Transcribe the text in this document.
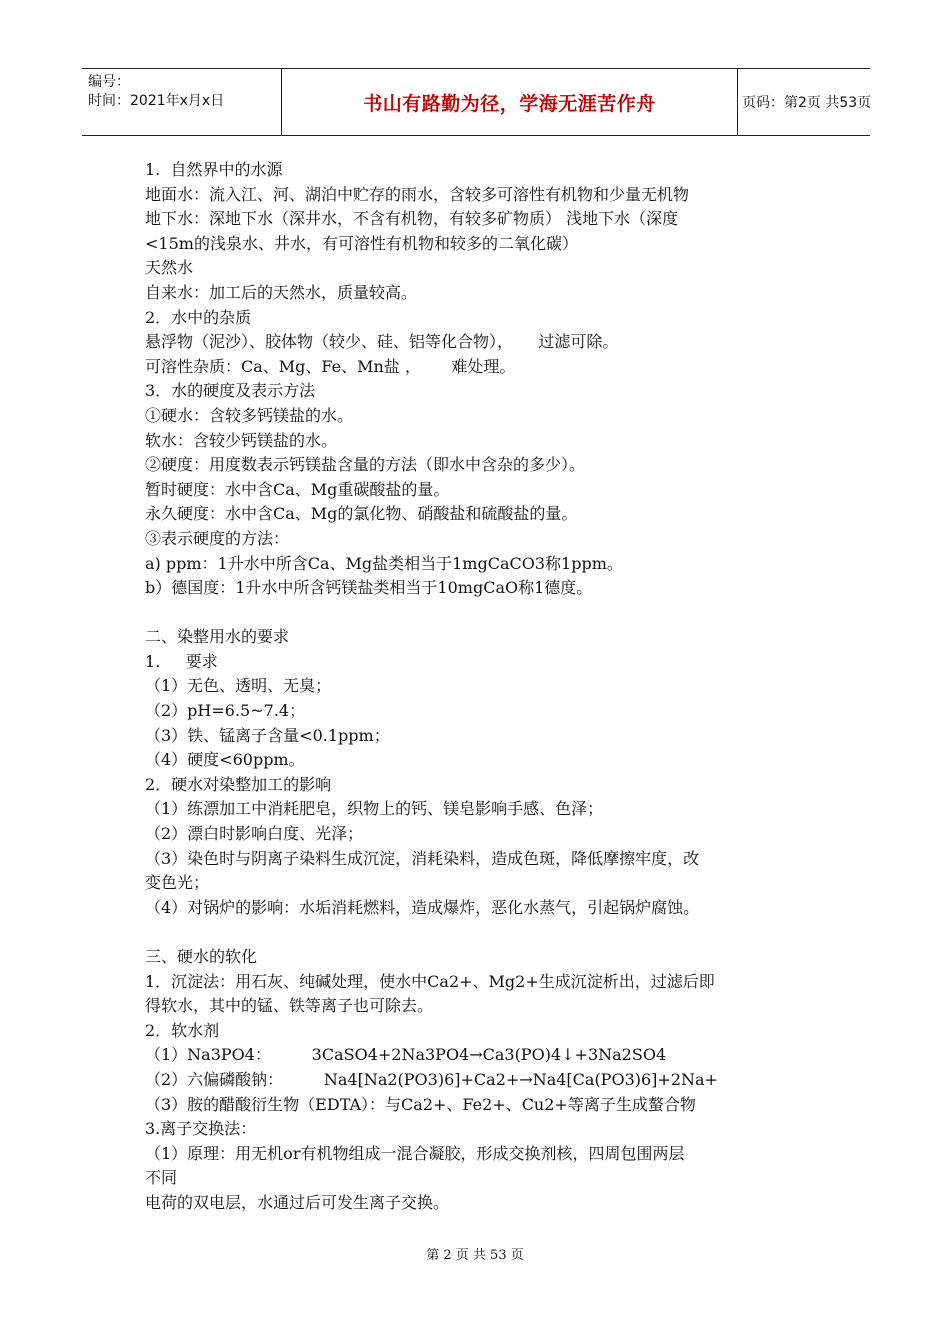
编号：
时间：2021年x月x日	书山有路勤为径，学海无涯苦作舟	页码：第2页 共53页
1.  自然界中的水源
地面水：流入江、河、湖泊中贮存的雨水，含较多可溶性有机物和少量无机物
地下水：深地下水（深井水，不含有机物，有较多矿物质） 浅地下水（深度
<15m的浅泉水、井水，有可溶性有机物和较多的二氧化碳）
天然水
自来水：加工后的天然水，质量较高。
2．水中的杂质
悬浮物（泥沙）、胶体物（较少、硅、铝等化合物），     过滤可除。
可溶性杂质：Ca、Mg、Fe、Mn盐 ，      难处理。
3．水的硬度及表示方法
①硬水：含较多钙镁盐的水。
软水：含较少钙镁盐的水。
②硬度：用度数表示钙镁盐含量的方法（即水中含杂的多少）。
暂时硬度：水中含Ca、Mg重碳酸盐的量。
永久硬度：水中含Ca、Mg的氯化物、硝酸盐和硫酸盐的量。
③表示硬度的方法：
a) ppm：1升水中所含Ca、Mg盐类相当于1mgCaCO3称1ppm。
b）德国度：1升水中所含钙镁盐类相当于10mgCaO称1德度。
二、染整用水的要求
1.     要求
（1）无色、透明、无臭；
（2）pH=6.5~7.4；
（3）铁、锰离子含量<0.1ppm；
（4）硬度<60ppm。
2．硬水对染整加工的影响
（1）练漂加工中消耗肥皂，织物上的钙、镁皂影响手感、色泽；
（2）漂白时影响白度、光泽；
（3）染色时与阴离子染料生成沉淀，消耗染料，造成色斑，降低摩擦牢度，改
变色光；
（4）对锅炉的影响：水垢消耗燃料，造成爆炸，恶化水蒸气，引起锅炉腐蚀。
三、硬水的软化
1．沉淀法：用石灰、纯碱处理，使水中Ca2+、Mg2+生成沉淀析出，过滤后即
得软水，其中的锰、铁等离子也可除去。
2．软水剂
（1）Na3PO4：        3CaSO4+2Na3PO4→Ca3(PO)4↓+3Na2SO4
（2）六偏磷酸钠：        Na4[Na2(PO3)6]+Ca2+→Na4[Ca(PO3)6]+2Na+
（3）胺的醋酸衍生物（EDTA）：与Ca2+、Fe2+、Cu2+等离子生成螯合物
3.离子交换法：
（1）原理：用无机or有机物组成一混合凝胶，形成交换剂核，四周包围两层
不同
电荷的双电层，水通过后可发生离子交换。
第 2 页 共 53 页
